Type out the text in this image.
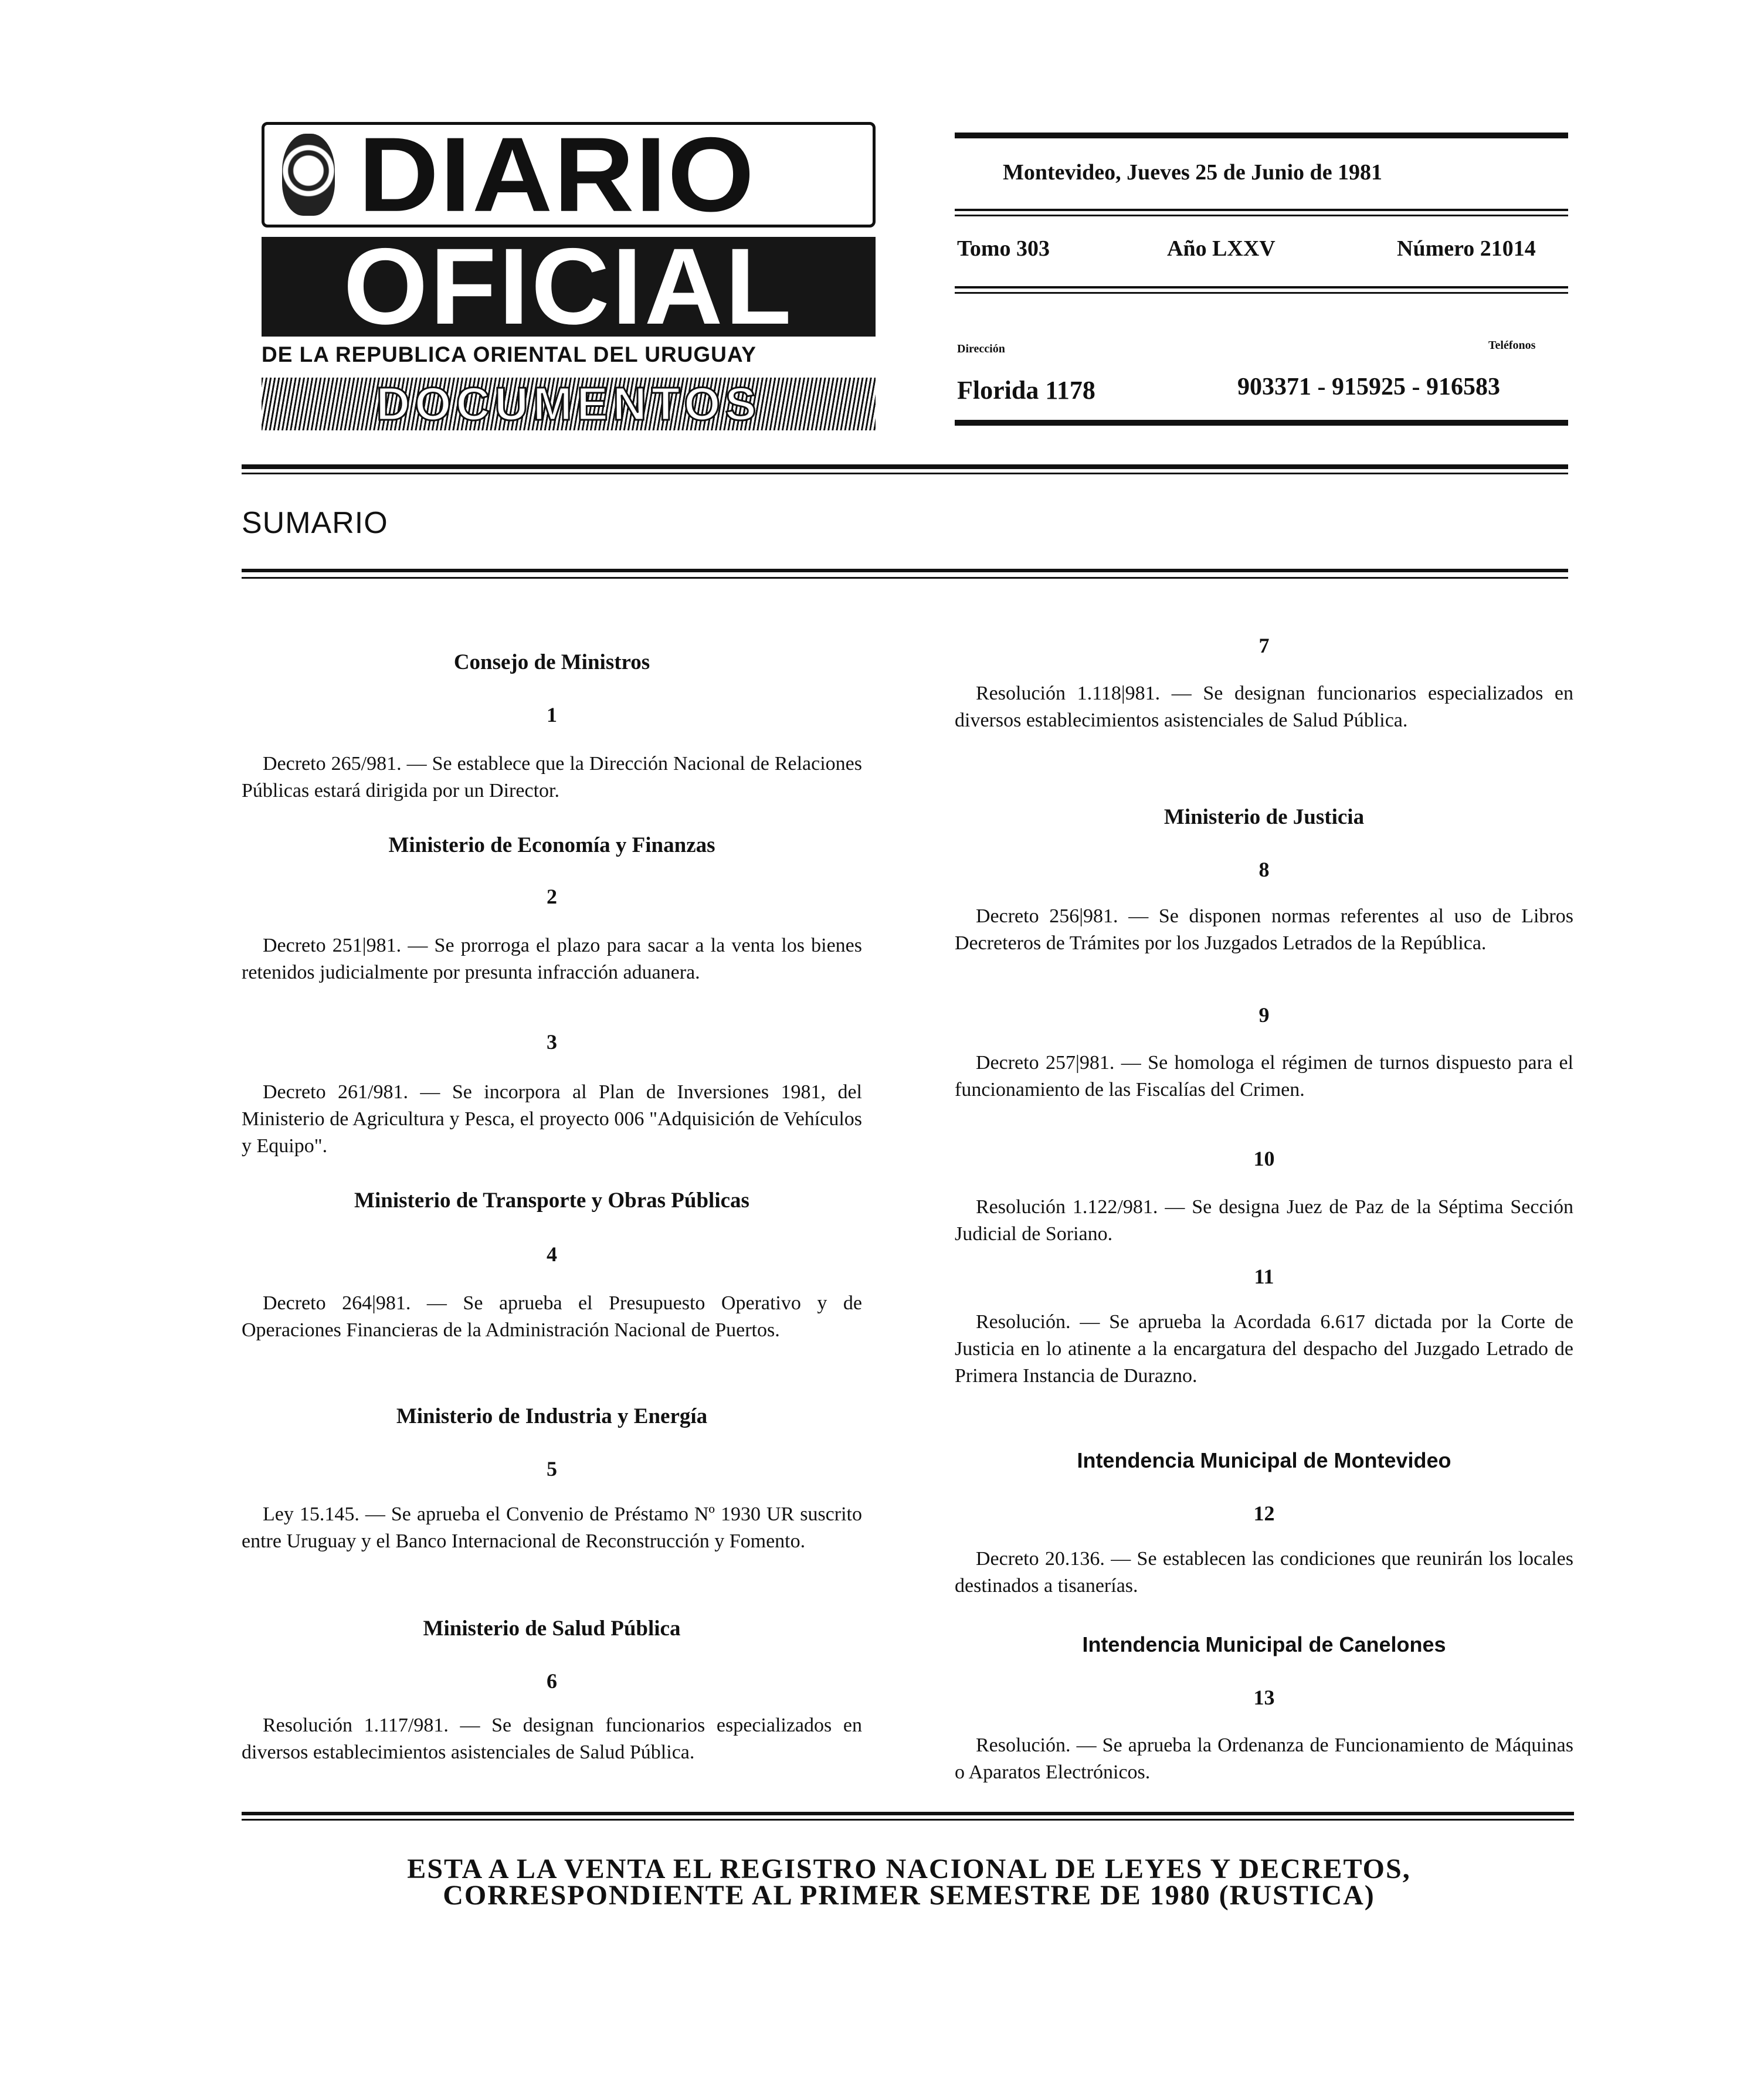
DIARIO
OFICIAL
DE LA REPUBLICA ORIENTAL DEL URUGUAY
DOCUMENTOS
Montevideo, Jueves 25 de Junio de 1981
Tomo 303	Año LXXV	Número 21014
Dirección	Teléfonos
Florida 1178	903371 - 915925 - 916583
SUMARIO
Consejo de Ministros
1
Decreto 265/981. — Se establece que la Dirección Nacional de Relaciones Públicas estará dirigida por un Director.
Ministerio de Economía y Finanzas
2
Decreto 251|981. — Se prorroga el plazo para sacar a la venta los bienes retenidos judicialmente por presunta infracción aduanera.
3
Decreto 261/981. — Se incorpora al Plan de Inversiones 1981, del Ministerio de Agricultura y Pesca, el proyecto 006 "Adquisición de Vehículos y Equipo".
Ministerio de Transporte y Obras Públicas
4
Decreto 264|981. — Se aprueba el Presupuesto Operativo y de Operaciones Financieras de la Administración Nacional de Puertos.
Ministerio de Industria y Energía
5
Ley 15.145. — Se aprueba el Convenio de Préstamo Nº 1930 UR suscrito entre Uruguay y el Banco Internacional de Reconstrucción y Fomento.
Ministerio de Salud Pública
6
Resolución 1.117/981. — Se designan funcionarios especializados en diversos establecimientos asistenciales de Salud Pública.
7
Resolución 1.118|981. — Se designan funcionarios especializados en diversos establecimientos asistenciales de Salud Pública.
Ministerio de Justicia
8
Decreto 256|981. — Se disponen normas referentes al uso de Libros Decreteros de Trámites por los Juzgados Letrados de la República.
9
Decreto 257|981. — Se homologa el régimen de turnos dispuesto para el funcionamiento de las Fiscalías del Crimen.
10
Resolución 1.122/981. — Se designa Juez de Paz de la Séptima Sección Judicial de Soriano.
11
Resolución. — Se aprueba la Acordada 6.617 dictada por la Corte de Justicia en lo atinente a la encargatura del despacho del Juzgado Letrado de Primera Instancia de Durazno.
Intendencia Municipal de Montevideo
12
Decreto 20.136. — Se establecen las condiciones que reunirán los locales destinados a tisanerías.
Intendencia Municipal de Canelones
13
Resolución. — Se aprueba la Ordenanza de Funcionamiento de Máquinas o Aparatos Electrónicos.
ESTA A LA VENTA EL REGISTRO NACIONAL DE LEYES Y DECRETOS,
CORRESPONDIENTE AL PRIMER SEMESTRE DE 1980 (RUSTICA)
